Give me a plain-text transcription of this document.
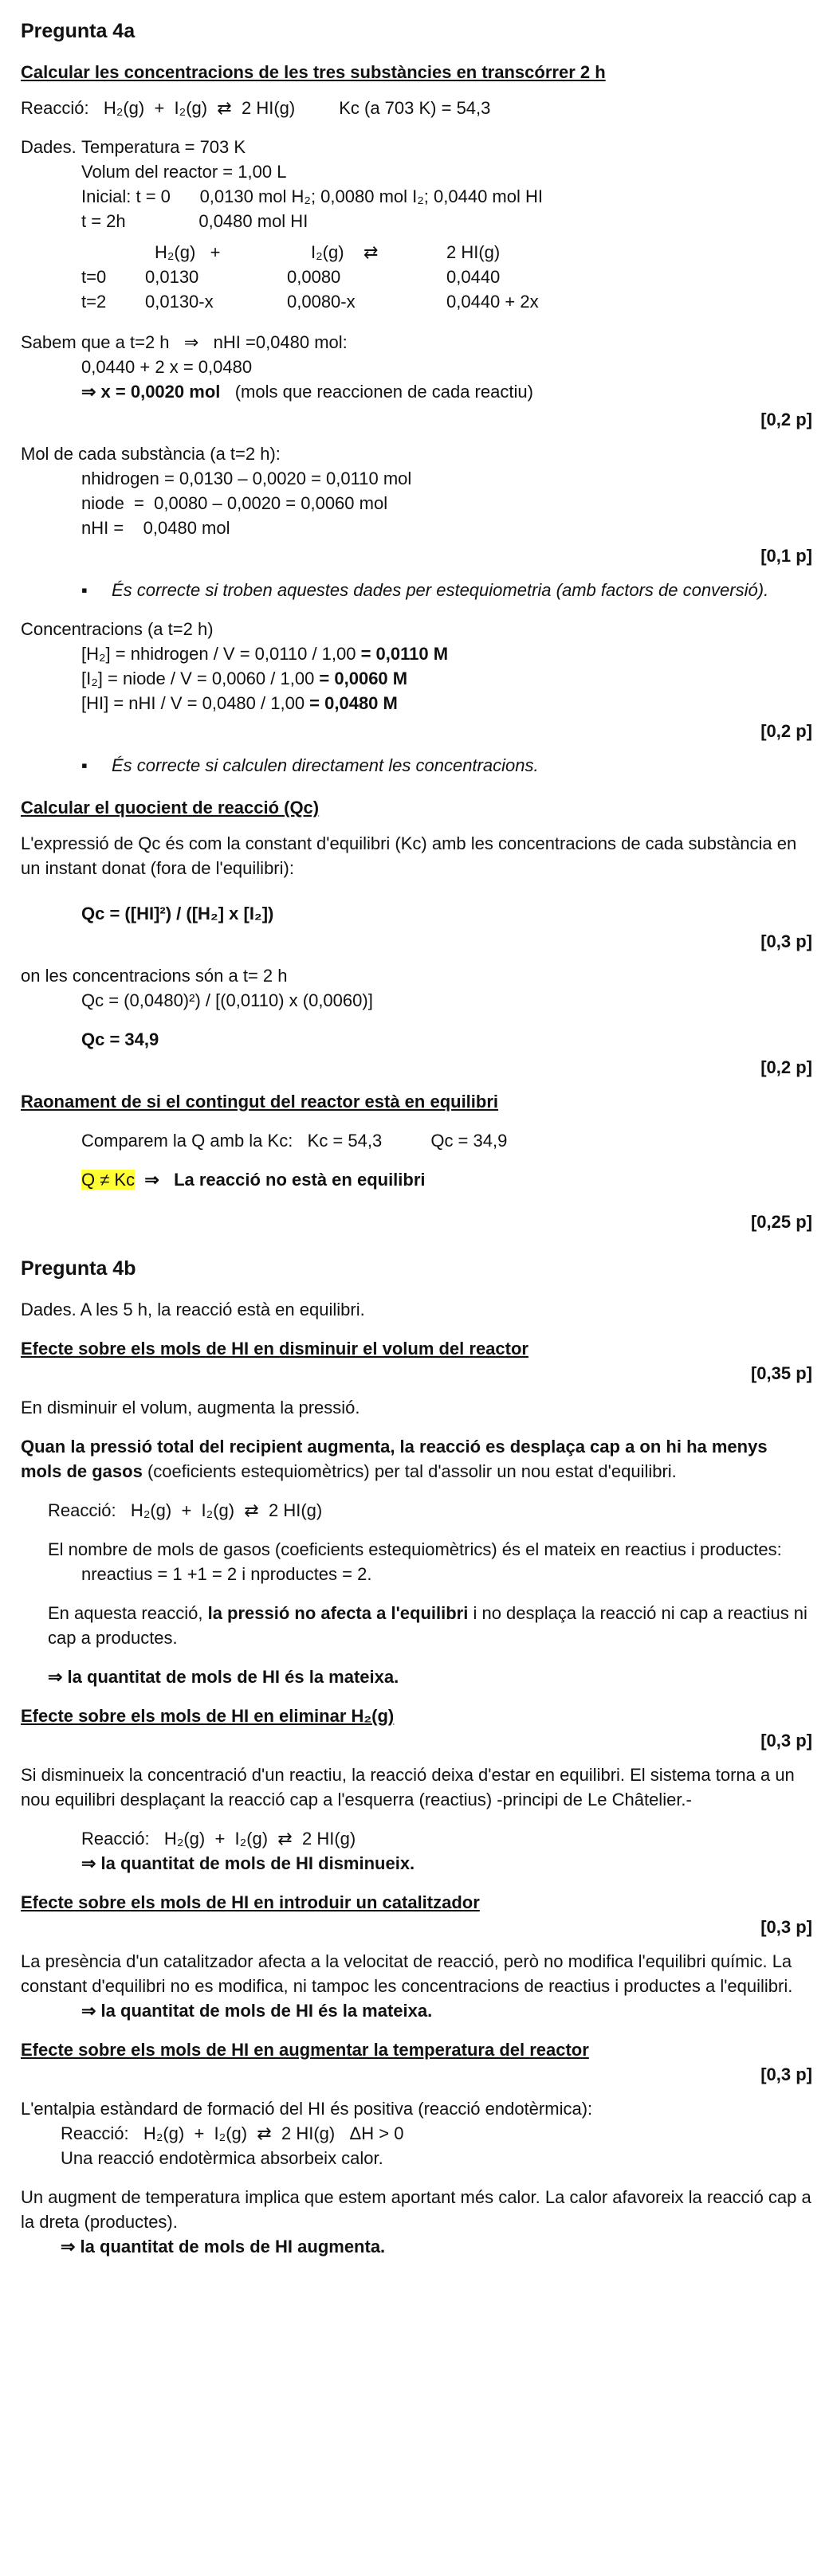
Pregunta 4a
Calcular les concentracions de les tres substàncies en transcórrer 2 h

Reacció:   H₂(g)  +  I₂(g)  ⇄  2 HI(g)         Kc (a 703 K) = 54,3

Dades. Temperatura = 703 K

Volum del reactor = 1,00 L

Inicial: t = 0      0,0130 mol H₂; 0,0080 mol I₂; 0,0440 mol HI

t = 2h               0,0480 mol HI

	H₂(g)   +	I₂(g)    ⇄	2 HI(g)
t=0	0,0130	0,0080	0,0440
t=2	0,0130-x	0,0080-x	0,0440 + 2x

Sabem que a t=2 h   ⇒   nHI =0,0480 mol:

0,0440 + 2 x = 0,0480

⇒ x = 0,0020 mol   (mols que reaccionen de cada reactiu)

[0,2 p]

Mol de cada substància (a t=2 h):

nhidrogen = 0,0130 – 0,0020 = 0,0110 mol

niode  =  0,0080 – 0,0020 = 0,0060 mol

nHI =    0,0480 mol

[0,1 p]
▪	És correcte si troben aquestes dades per estequiometria (amb factors de conversió).

Concentracions (a t=2 h)

[H₂] = nhidrogen / V = 0,0110 / 1,00 = 0,0110 M

[I₂] = niode / V = 0,0060 / 1,00 = 0,0060 M

[HI] = nHI / V = 0,0480 / 1,00 = 0,0480 M

[0,2 p]
▪	És correcte si calculen directament les concentracions.
Calcular el quocient de reacció (Qc)

L'expressió de Qc és com la constant d'equilibri (Kc) amb les concentracions de cada substància en un instant donat (fora de l'equilibri):

Qc = ([HI]²) / ([H₂] x [I₂])

[0,3 p]

on les concentracions són a t= 2 h

Qc = (0,0480)²) / [(0,0110) x (0,0060)]

Qc = 34,9

[0,2 p]
Raonament de si el contingut del reactor està en equilibri

Comparem la Q amb la Kc:   Kc = 54,3          Qc = 34,9

Q ≠ Kc  ⇒   La reacció no està en equilibri

[0,25 p]
Pregunta 4b

Dades. A les 5 h, la reacció està en equilibri.

Efecte sobre els mols de HI en disminuir el volum del reactor
[0,35 p]

En disminuir el volum, augmenta la pressió.

Quan la pressió total del recipient augmenta, la reacció es desplaça cap a on hi ha menys mols de gasos (coeficients estequiomètrics) per tal d'assolir un nou estat d'equilibri.

Reacció:   H₂(g)  +  I₂(g)  ⇄  2 HI(g)

El nombre de mols de gasos (coeficients estequiomètrics) és el mateix en reactius i productes:

nreactius = 1 +1 = 2 i nproductes = 2.

En aquesta reacció, la pressió no afecta a l'equilibri i no desplaça la reacció ni cap a reactius ni cap a productes.

⇒ la quantitat de mols de HI és la mateixa.

Efecte sobre els mols de HI en eliminar H₂(g)
[0,3 p]

Si disminueix la concentració d'un reactiu, la reacció deixa d'estar en equilibri. El sistema torna a un nou equilibri desplaçant la reacció cap a l'esquerra (reactius) -principi de Le Châtelier.-

Reacció:   H₂(g)  +  I₂(g)  ⇄  2 HI(g)

⇒ la quantitat de mols de HI disminueix.

Efecte sobre els mols de HI en introduir un catalitzador
[0,3 p]

La presència d'un catalitzador afecta a la velocitat de reacció, però no modifica l'equilibri químic. La constant d'equilibri no es modifica, ni tampoc les concentracions de reactius i productes a l'equilibri.

⇒ la quantitat de mols de HI és la mateixa.

Efecte sobre els mols de HI en augmentar la temperatura del reactor
[0,3 p]

L'entalpia estàndard de formació del HI és positiva (reacció endotèrmica):

Reacció:   H₂(g)  +  I₂(g)  ⇄  2 HI(g)   ΔH > 0

Una reacció endotèrmica absorbeix calor.

Un augment de temperatura implica que estem aportant més calor. La calor afavoreix la reacció cap a la dreta (productes).

⇒ la quantitat de mols de HI augmenta.
